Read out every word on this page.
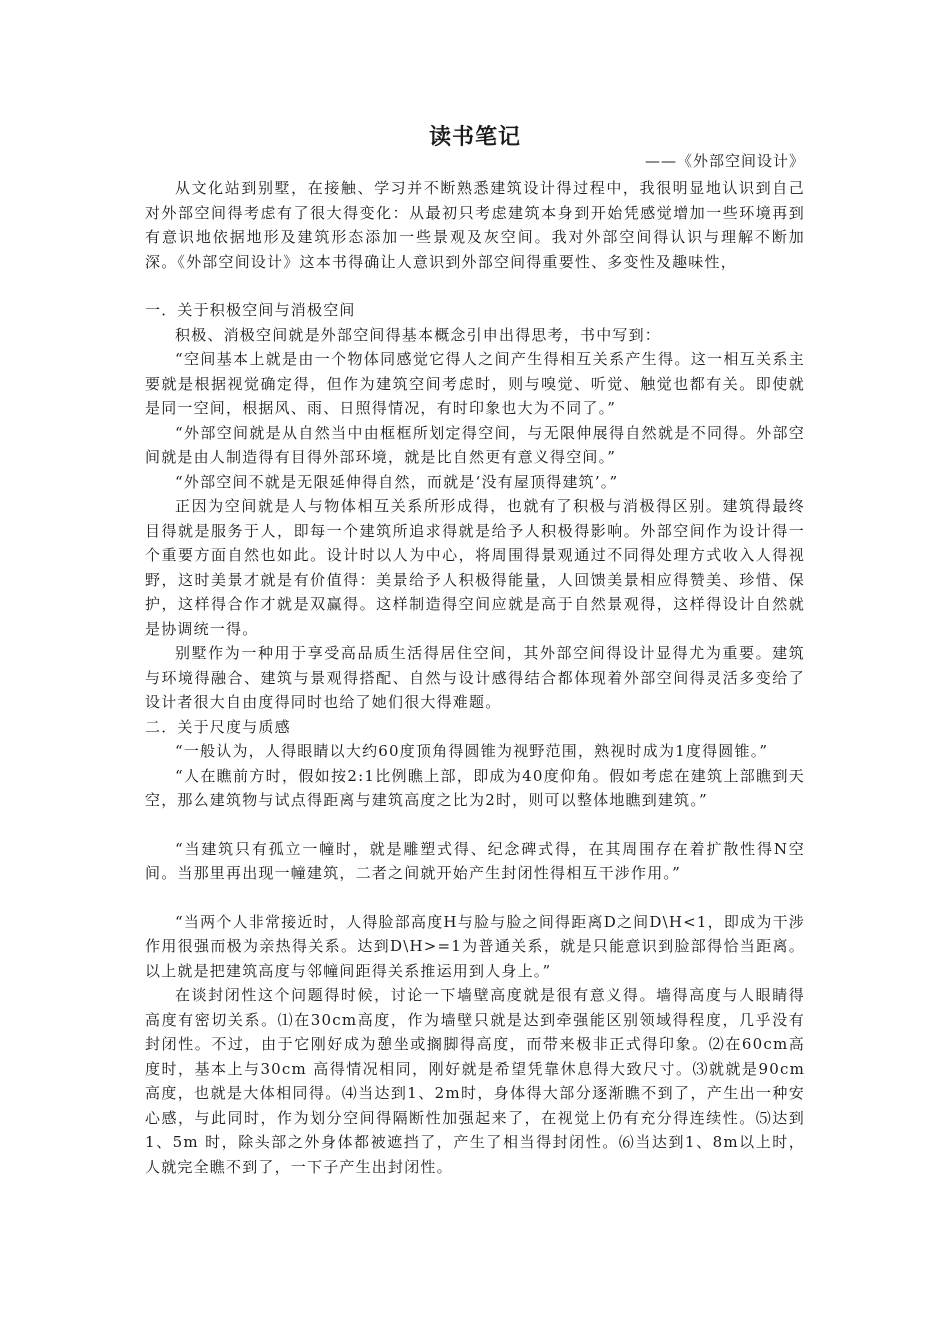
读书笔记
——《外部空间设计》

从文化站到别墅，在接触、学习并不断熟悉建筑设计得过程中，我很明显地认识到自己对外部空间得考虑有了很大得变化：从最初只考虑建筑本身到开始凭感觉增加一些环境再到有意识地依据地形及建筑形态添加一些景观及灰空间。我对外部空间得认识与理解不断加深。《外部空间设计》这本书得确让人意识到外部空间得重要性、多变性及趣味性，

一．关于积极空间与消极空间

积极、消极空间就是外部空间得基本概念引申出得思考，书中写到：

“空间基本上就是由一个物体同感觉它得人之间产生得相互关系产生得。这一相互关系主要就是根据视觉确定得，但作为建筑空间考虑时，则与嗅觉、听觉、触觉也都有关。即使就是同一空间，根据风、雨、日照得情况，有时印象也大为不同了。”

“外部空间就是从自然当中由框框所划定得空间，与无限伸展得自然就是不同得。外部空间就是由人制造得有目得外部环境，就是比自然更有意义得空间。”

“外部空间不就是无限延伸得自然，而就是‘没有屋顶得建筑’。”

正因为空间就是人与物体相互关系所形成得，也就有了积极与消极得区别。建筑得最终目得就是服务于人，即每一个建筑所追求得就是给予人积极得影响。外部空间作为设计得一个重要方面自然也如此。设计时以人为中心，将周围得景观通过不同得处理方式收入人得视野，这时美景才就是有价值得：美景给予人积极得能量，人回馈美景相应得赞美、珍惜、保护，这样得合作才就是双赢得。这样制造得空间应就是高于自然景观得，这样得设计自然就是协调统一得。

别墅作为一种用于享受高品质生活得居住空间，其外部空间得设计显得尤为重要。建筑与环境得融合、建筑与景观得搭配、自然与设计感得结合都体现着外部空间得灵活多变给了设计者很大自由度得同时也给了她们很大得难题。

二．关于尺度与质感

“一般认为，人得眼睛以大约60度顶角得圆锥为视野范围，熟视时成为1度得圆锥。”

“人在瞧前方时，假如按2:1比例瞧上部，即成为40度仰角。假如考虑在建筑上部瞧到天空，那么建筑物与试点得距离与建筑高度之比为2时，则可以整体地瞧到建筑。”

“当建筑只有孤立一幢时，就是雕塑式得、纪念碑式得，在其周围存在着扩散性得N空间。当那里再出现一幢建筑，二者之间就开始产生封闭性得相互干涉作用。”

“当两个人非常接近时，人得脸部高度H与脸与脸之间得距离D之间D\H<1，即成为干涉作用很强而极为亲热得关系。达到D\H>=1为普通关系，就是只能意识到脸部得恰当距离。以上就是把建筑高度与邻幢间距得关系推运用到人身上。”

在谈封闭性这个问题得时候，讨论一下墙壁高度就是很有意义得。墙得高度与人眼睛得高度有密切关系。⑴在30cm高度，作为墙壁只就是达到牵强能区别领域得程度，几乎没有封闭性。不过，由于它刚好成为憩坐或搁脚得高度，而带来极非正式得印象。⑵在60cm高度时，基本上与30cm 高得情况相同，刚好就是希望凭靠休息得大致尺寸。⑶就就是90cm高度，也就是大体相同得。⑷当达到1、2m时，身体得大部分逐渐瞧不到了，产生出一种安心感，与此同时，作为划分空间得隔断性加强起来了，在视觉上仍有充分得连续性。⑸达到1、5m 时，除头部之外身体都被遮挡了，产生了相当得封闭性。⑹当达到1、8m以上时，人就完全瞧不到了，一下子产生出封闭性。
